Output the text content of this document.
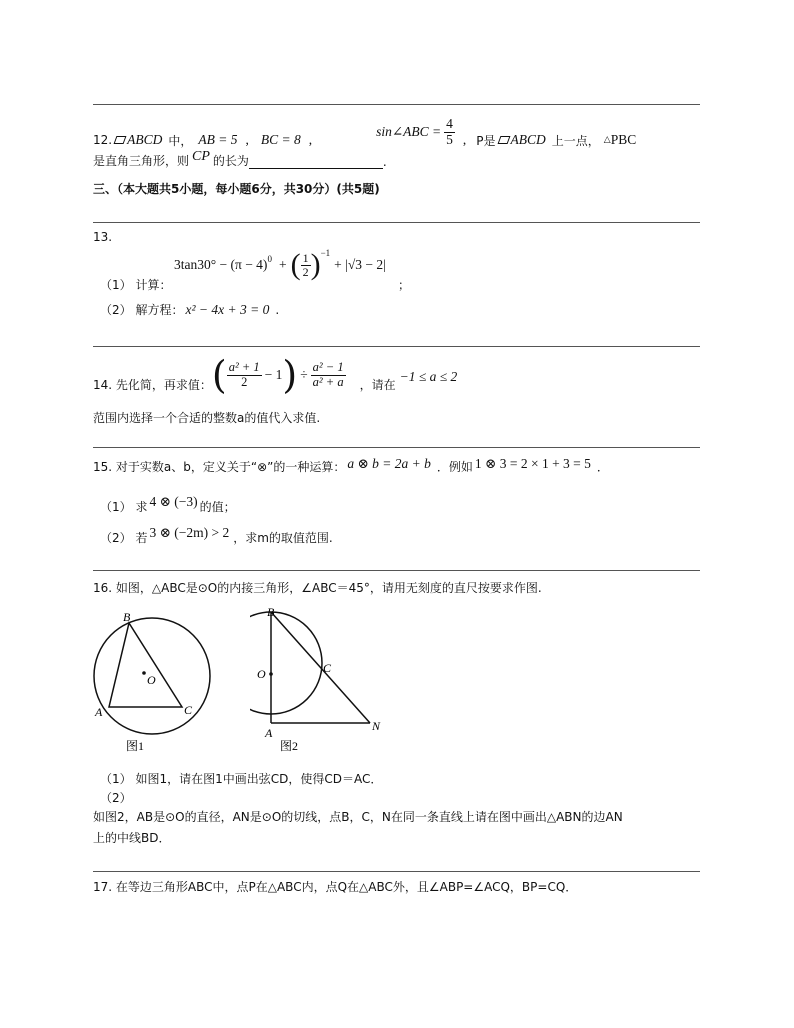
12. ABCD 中， AB = 5 , BC = 8 ,
sin∠ABC = $\frac{4}{5}$ , P是 ABCD 上一点， △ PBC
是直角三角形，则 CP 的长为	.
三、（本大题共5小题，每小题6分，共30分）(共5题)
13.
3tan30° − (π − 4) 0 + ( $\frac{1}{2}$ ) −1
+ |√3 − 2|
（1） 计算：	；
（2） 解方程： x² − 4x + 3 = 0 .
14. 先化简，再求值： ( $\frac{\text{a² + 1}}{2} - 1$ ) ÷ $\frac{\text{a² − 1}}{\text{a² + a}}$ ，请在
−1 ≤ a ≤ 2
范围内选择一个合适的整数a的值代入求值.
15. 对于实数a、b，定义关于“⊗”的一种运算： a ⊗ b = 2a + b ．例如 1 ⊗ 3 = 2 × 1 + 3 = 5 ．
（1） 求 4 ⊗ (−3) 的值；
（2） 若 3 ⊗ (−2m) > 2 ，求m的取值范围.
16. 如图，△ABC是⊙O的内接三角形，∠ABC＝45°，请用无刻度的直尺按要求作图.
B
O
A	C
图1
B
O	C
A	N
图2
（1） 如图1，请在图1中画出弦CD，使得CD＝AC．
（2）
如图2，AB是⊙O的直径，AN是⊙O的切线，点B，C，N在同一条直线上请在图中画出△ABN的边AN
上的中线BD．
17. 在等边三角形ABC中，点P在△ABC内，点Q在△ABC外，且∠ABP=∠ACQ，BP=CQ．
